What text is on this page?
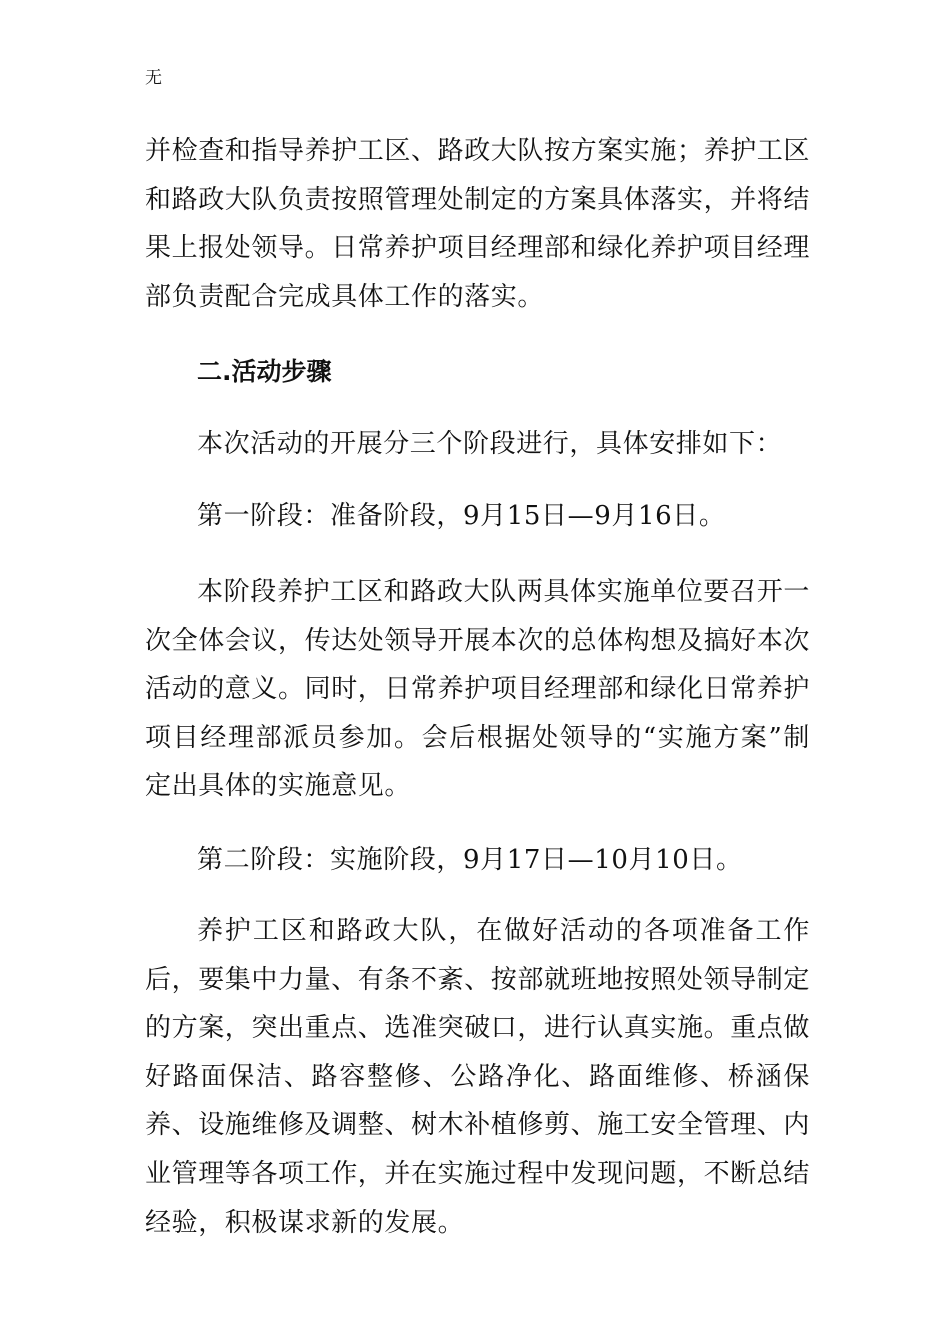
无

并检查和指导养护工区、路政大队按方案实施；养护工区和路政大队负责按照管理处制定的方案具体落实，并将结果上报处领导。日常养护项目经理部和绿化养护项目经理部负责配合完成具体工作的落实。

二.活动步骤

本次活动的开展分三个阶段进行，具体安排如下：

第一阶段：准备阶段，9月15日—9月16日。

本阶段养护工区和路政大队两具体实施单位要召开一次全体会议，传达处领导开展本次的总体构想及搞好本次活动的意义。同时，日常养护项目经理部和绿化日常养护项目经理部派员参加。会后根据处领导的“实施方案”制定出具体的实施意见。

第二阶段：实施阶段，9月17日—10月10日。

养护工区和路政大队，在做好活动的各项准备工作后，要集中力量、有条不紊、按部就班地按照处领导制定的方案，突出重点、选准突破口，进行认真实施。重点做好路面保洁、路容整修、公路净化、路面维修、桥涵保养、设施维修及调整、树木补植修剪、施工安全管理、内业管理等各项工作，并在实施过程中发现问题，不断总结经验，积极谋求新的发展。
